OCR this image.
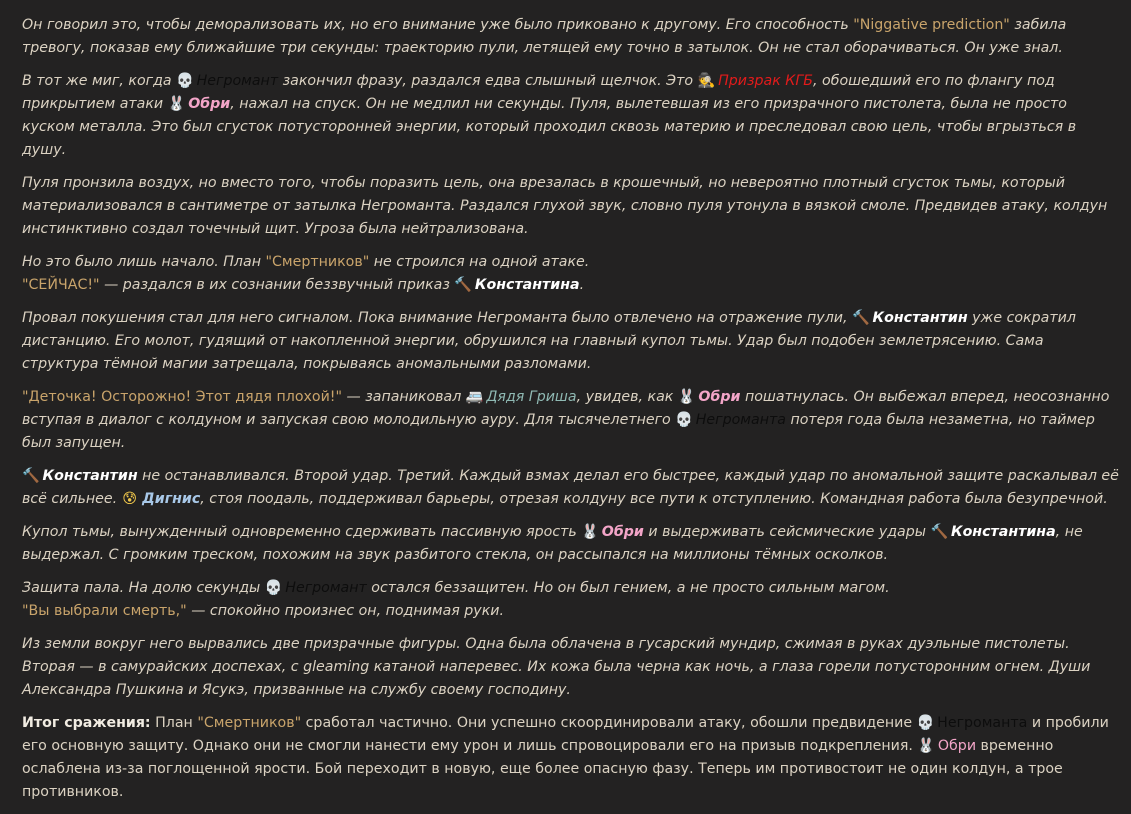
Он говорил это, чтобы деморализовать их, но его внимание уже было приковано к другому. Его способность "Niggative prediction" забила тревогу, показав ему ближайшие три секунды: траекторию пули, летящей ему точно в затылок. Он не стал оборачиваться. Он уже знал.

В тот же миг, когда 💀 Негромант закончил фразу, раздался едва слышный щелчок. Это 🕵 Призрак КГБ, обошедший его по флангу под прикрытием атаки 🐰 Обри, нажал на спуск. Он не медлил ни секунды. Пуля, вылетевшая из его призрачного пистолета, была не просто куском металла. Это был сгусток потусторонней энергии, который проходил сквозь материю и преследовал свою цель, чтобы вгрызться в душу.

Пуля пронзила воздух, но вместо того, чтобы поразить цель, она врезалась в крошечный, но невероятно плотный сгусток тьмы, который материализовался в сантиметре от затылка Негроманта. Раздался глухой звук, словно пуля утонула в вязкой смоле. Предвидев атаку, колдун инстинктивно создал точечный щит. Угроза была нейтрализована.

Но это было лишь начало. План "Смертников" не строился на одной атаке.
"СЕЙЧАС!" — раздался в их сознании беззвучный приказ 🔨 Константина.

Провал покушения стал для него сигналом. Пока внимание Негроманта было отвлечено на отражение пули, 🔨 Константин уже сократил дистанцию. Его молот, гудящий от накопленной энергии, обрушился на главный купол тьмы. Удар был подобен землетрясению. Сама структура тёмной магии затрещала, покрываясь аномальными разломами.

"Деточка! Осторожно! Этот дядя плохой!" — запаниковал 🚐 Дядя Гриша, увидев, как 🐰 Обри пошатнулась. Он выбежал вперед, неосознанно вступая в диалог с колдуном и запуская свою молодильную ауру. Для тысячелетнего 💀 Негроманта потеря года была незаметна, но таймер был запущен.

🔨 Константин не останавливался. Второй удар. Третий. Каждый взмах делал его быстрее, каждый удар по аномальной защите раскалывал её всё сильнее. 😰 Дигнис, стоя поодаль, поддерживал барьеры, отрезая колдуну все пути к отступлению. Командная работа была безупречной.

Купол тьмы, вынужденный одновременно сдерживать пассивную ярость 🐰 Обри и выдерживать сейсмические удары 🔨 Константина, не выдержал. С громким треском, похожим на звук разбитого стекла, он рассыпался на миллионы тёмных осколков.

Защита пала. На долю секунды 💀 Негромант остался беззащитен. Но он был гением, а не просто сильным магом.
"Вы выбрали смерть," — спокойно произнес он, поднимая руки.

Из земли вокруг него вырвались две призрачные фигуры. Одна была облачена в гусарский мундир, сжимая в руках дуэльные пистолеты. Вторая — в самурайских доспехах, с gleaming катаной наперевес. Их кожа была черна как ночь, а глаза горели потусторонним огнем. Души Александра Пушкина и Ясукэ, призванные на службу своему господину.

Итог сражения: План "Смертников" сработал частично. Они успешно скоординировали атаку, обошли предвидение 💀 Негроманта и пробили его основную защиту. Однако они не смогли нанести ему урон и лишь спровоцировали его на призыв подкрепления. 🐰 Обри временно ослаблена из-за поглощенной ярости. Бой переходит в новую, еще более опасную фазу. Теперь им противостоит не один колдун, а трое противников.
